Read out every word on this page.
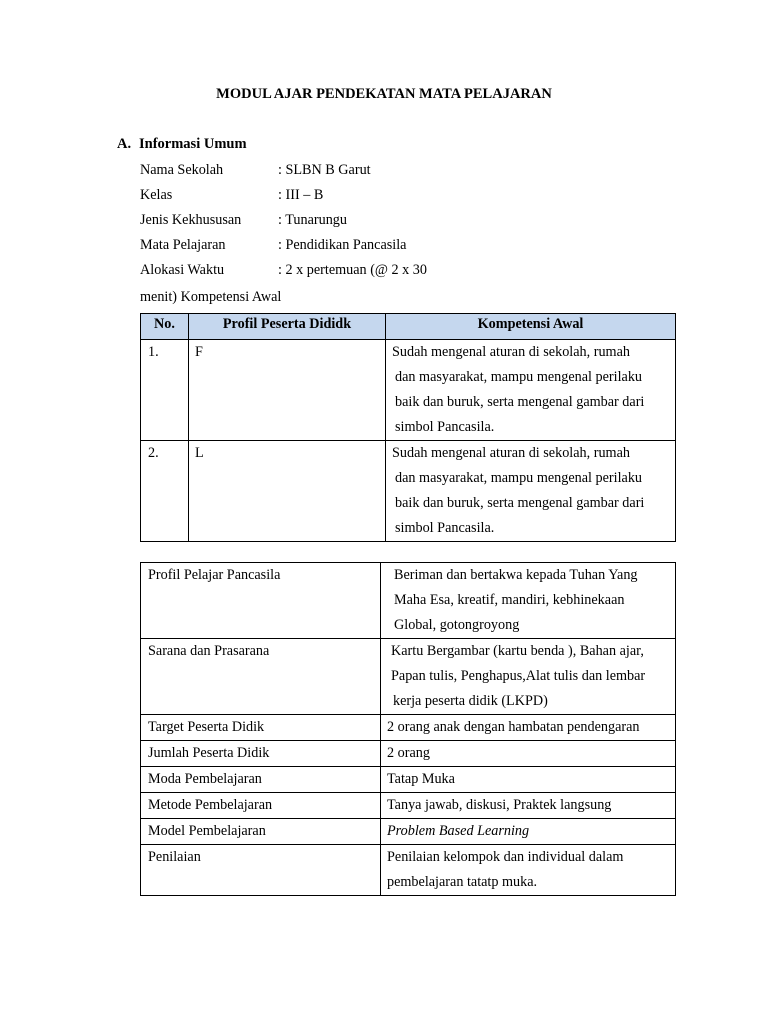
MODUL AJAR PENDEKATAN MATA PELAJARAN
A. Informasi Umum
Nama Sekolah	: SLBN B Garut
Kelas	: III – B
Jenis Kekhususan	: Tunarungu
Mata Pelajaran	: Pendidikan Pancasila
Alokasi Waktu	: 2 x pertemuan (@ 2 x 30
menit) Kompetensi Awal
No.	Profil Peserta Dididk	Kompetensi Awal
1.	F	Sudah mengenal aturan di sekolah, rumah
dan masyarakat, mampu mengenal perilaku
baik dan buruk, serta mengenal gambar dari
simbol Pancasila.

2.	L	Sudah mengenal aturan di sekolah, rumah
dan masyarakat, mampu mengenal perilaku
baik dan buruk, serta mengenal gambar dari
simbol Pancasila.
Profil Pelajar Pancasila	Beriman dan bertakwa kepada Tuhan Yang
Maha Esa, kreatif, mandiri, kebhinekaan
Global, gotongroyong

Sarana dan Prasarana	Kartu Bergambar (kartu benda ), Bahan ajar,
Papan tulis, Penghapus,Alat tulis dan lembar
kerja peserta didik (LKPD)

Target Peserta Didik	2 orang anak dengan hambatan pendengaran
Jumlah Peserta Didik	2 orang
Moda Pembelajaran	Tatap Muka
Metode Pembelajaran	Tanya jawab, diskusi, Praktek langsung
Model Pembelajaran	Problem Based Learning
Penilaian	Penilaian kelompok dan individual dalam
pembelajaran tatatp muka.
